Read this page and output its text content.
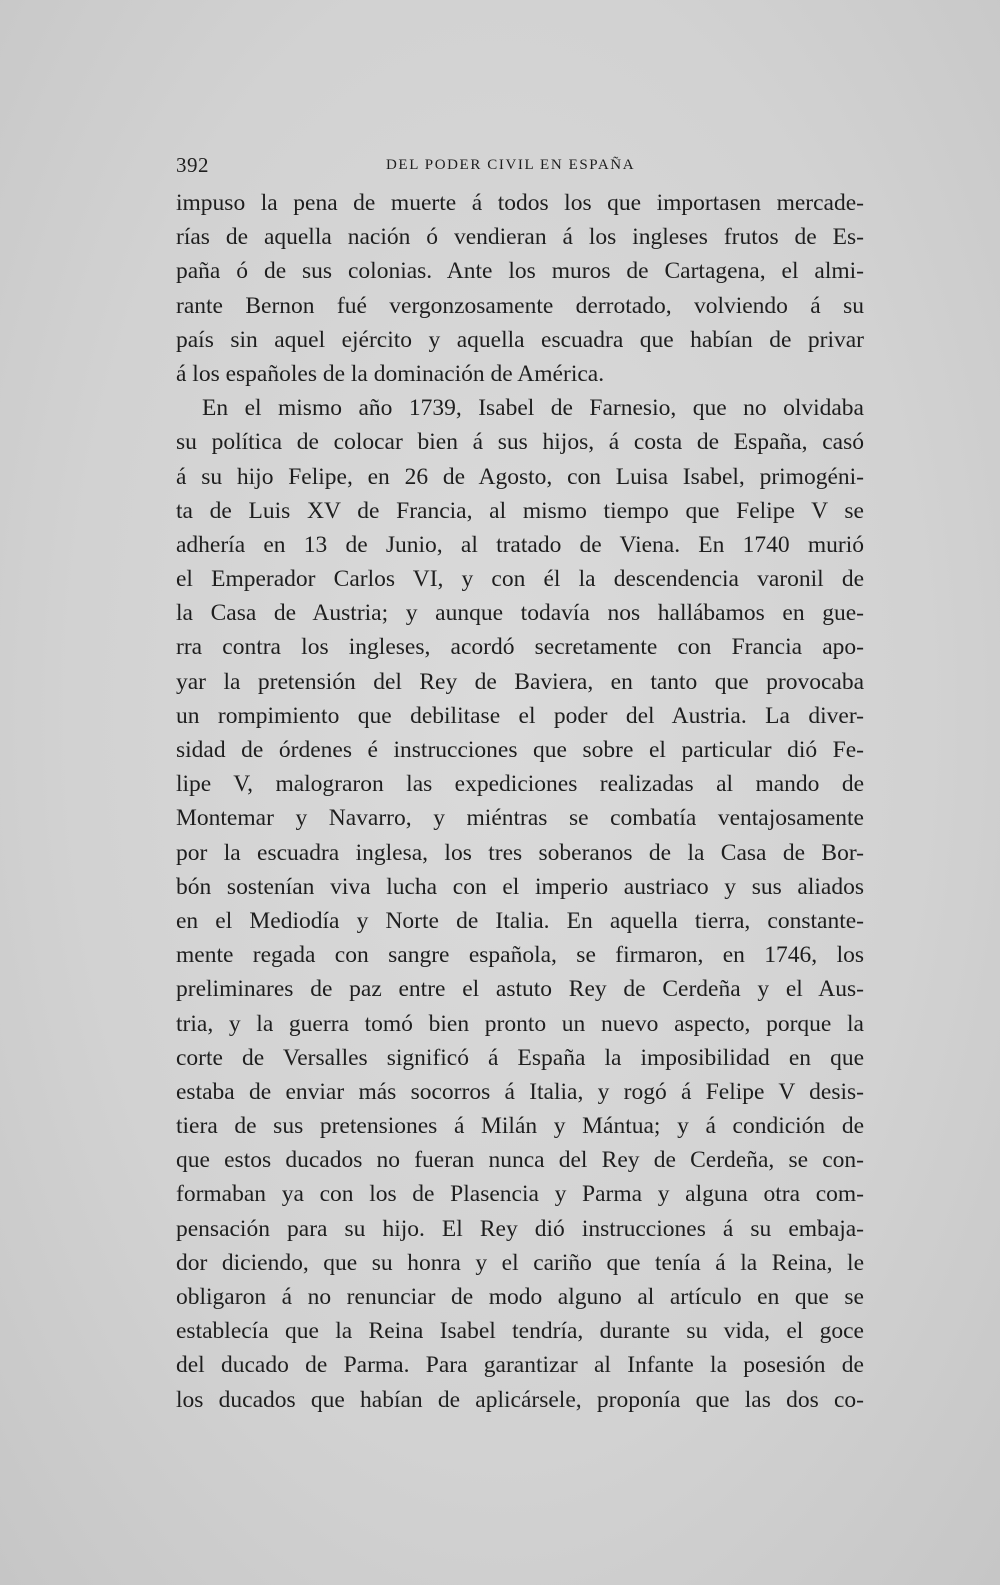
392	DEL PODER CIVIL EN ESPAÑA
impuso la pena de muerte á todos los que importasen mercade-
rías de aquella nación ó vendieran á los ingleses frutos de Es-
paña ó de sus colonias. Ante los muros de Cartagena, el almi-
rante Bernon fué vergonzosamente derrotado, volviendo á su
país sin aquel ejército y aquella escuadra que habían de privar
á los españoles de la dominación de América.
En el mismo año 1739, Isabel de Farnesio, que no olvidaba
su política de colocar bien á sus hijos, á costa de España, casó
á su hijo Felipe, en 26 de Agosto, con Luisa Isabel, primogéni-
ta de Luis XV de Francia, al mismo tiempo que Felipe V se
adhería en 13 de Junio, al tratado de Viena. En 1740 murió
el Emperador Carlos VI, y con él la descendencia varonil de
la Casa de Austria; y aunque todavía nos hallábamos en gue-
rra contra los ingleses, acordó secretamente con Francia apo-
yar la pretensión del Rey de Baviera, en tanto que provocaba
un rompimiento que debilitase el poder del Austria. La diver-
sidad de órdenes é instrucciones que sobre el particular dió Fe-
lipe V, malograron las expediciones realizadas al mando de
Montemar y Navarro, y miéntras se combatía ventajosamente
por la escuadra inglesa, los tres soberanos de la Casa de Bor-
bón sostenían viva lucha con el imperio austriaco y sus aliados
en el Mediodía y Norte de Italia. En aquella tierra, constante-
mente regada con sangre española, se firmaron, en 1746, los
preliminares de paz entre el astuto Rey de Cerdeña y el Aus-
tria, y la guerra tomó bien pronto un nuevo aspecto, porque la
corte de Versalles significó á España la imposibilidad en que
estaba de enviar más socorros á Italia, y rogó á Felipe V desis-
tiera de sus pretensiones á Milán y Mántua; y á condición de
que estos ducados no fueran nunca del Rey de Cerdeña, se con-
formaban ya con los de Plasencia y Parma y alguna otra com-
pensación para su hijo. El Rey dió instrucciones á su embaja-
dor diciendo, que su honra y el cariño que tenía á la Reina, le
obligaron á no renunciar de modo alguno al artículo en que se
establecía que la Reina Isabel tendría, durante su vida, el goce
del ducado de Parma. Para garantizar al Infante la posesión de
los ducados que habían de aplicársele, proponía que las dos co-
